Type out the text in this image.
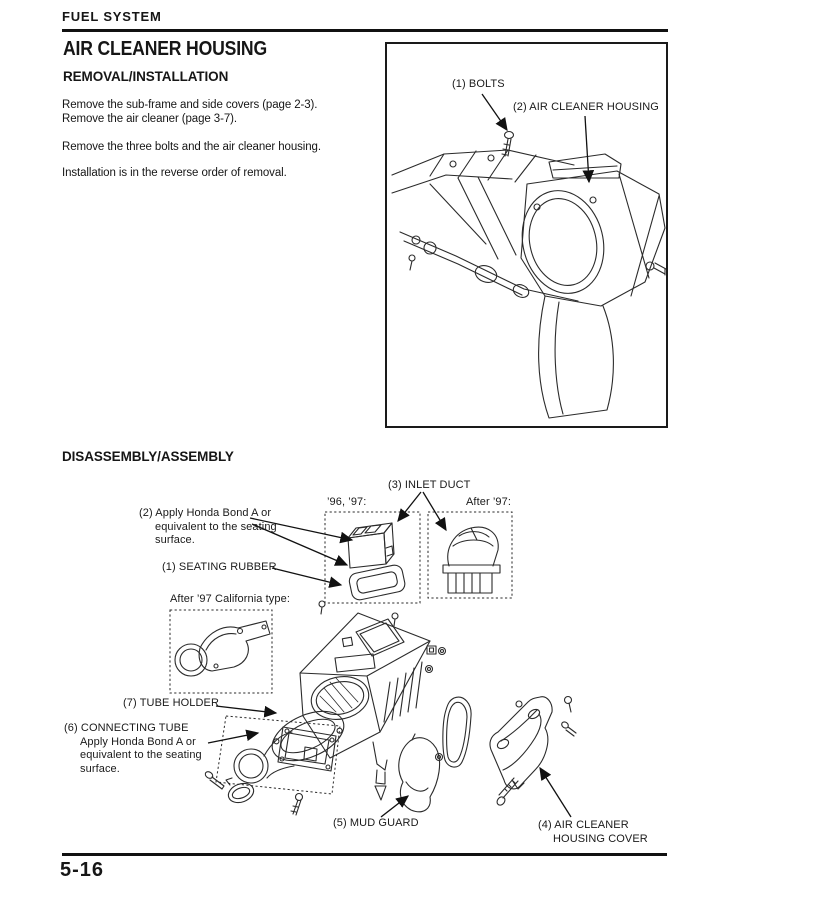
FUEL SYSTEM
AIR CLEANER HOUSING
REMOVAL/INSTALLATION
Remove the sub-frame and side covers (page 2-3).
Remove the air cleaner (page 3-7).
Remove the three bolts and the air cleaner housing.
Installation is in the reverse order of removal.
(1) BOLTS
(2) AIR CLEANER HOUSING
DISASSEMBLY/ASSEMBLY
(3) INLET DUCT
’96, ’97:	After ’97:
(2) Apply Honda Bond A or
equivalent to the seating
surface.
(1) SEATING RUBBER
After ’97 California type:
(7) TUBE HOLDER
(6) CONNECTING TUBE
Apply Honda Bond A or
equivalent to the seating
surface.
(5) MUD GUARD	(4) AIR CLEANER
HOUSING COVER
5-16
